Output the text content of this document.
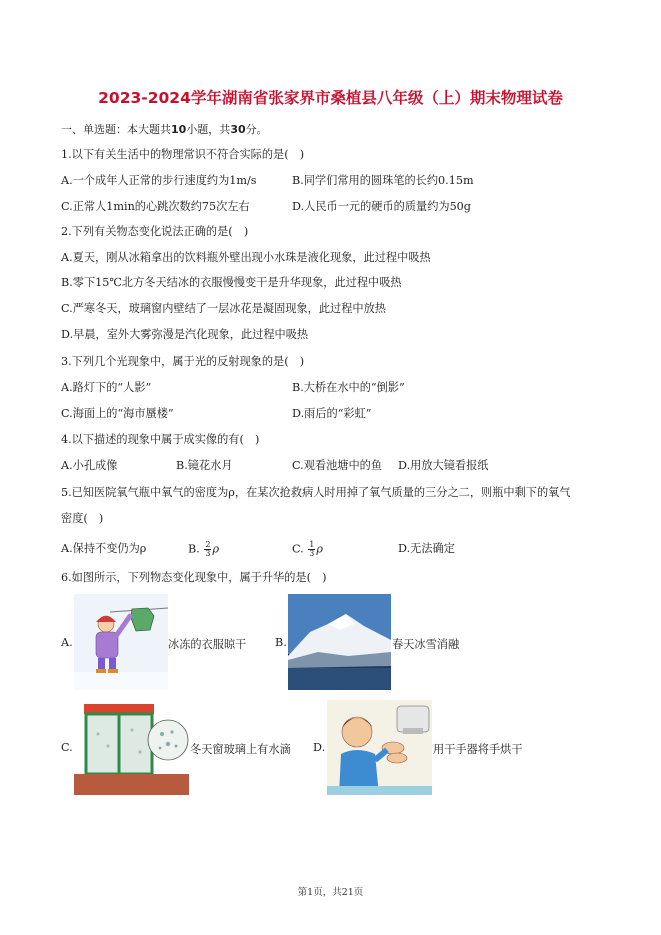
2023-2024学年湖南省张家界市桑植县八年级（上）期末物理试卷
一、单选题：本大题共10小题，共30分。
1.以下有关生活中的物理常识不符合实际的是(　)
A.一个成年人正常的步行速度约为1m/s	B.同学们常用的圆珠笔的长约0.15m
C.正常人1min的心跳次数约75次左右	D.人民币一元的硬币的质量约为50g
2.下列有关物态变化说法正确的是(　)
A.夏天，刚从冰箱拿出的饮料瓶外壁出现小水珠是液化现象，此过程中吸热
B.零下15℃北方冬天结冰的衣服慢慢变干是升华现象，此过程中吸热
C.严寒冬天，玻璃窗内壁结了一层冰花是凝固现象，此过程中放热
D.早晨，室外大雾弥漫是汽化现象，此过程中吸热
3.下列几个光现象中，属于光的反射现象的是(　)
A.路灯下的“人影”	B.大桥在水中的“倒影”
C.海面上的“海市蜃楼”	D.雨后的“彩虹”
4.以下描述的现象中属于成实像的有(　)
A.小孔成像	B.镜花水月	C.观看池塘中的鱼 D.用放大镜看报纸
5.已知医院氧气瓶中氧气的密度为ρ，在某次抢救病人时用掉了氧气质量的三分之二，则瓶中剩下的氧气
密度(　)
A.保持不变仍为ρ	B. $\frac{2}{3}$ ρ	C. $\frac{1}{3}$ ρ	D.无法确定
6.如图所示，下列物态变化现象中，属于升华的是(　)
A.	冰冻的衣服晾干	B.	春天冰雪消融
C.	冬天窗玻璃上有水滴 D.	用干手器将手烘干
第1页，共21页
